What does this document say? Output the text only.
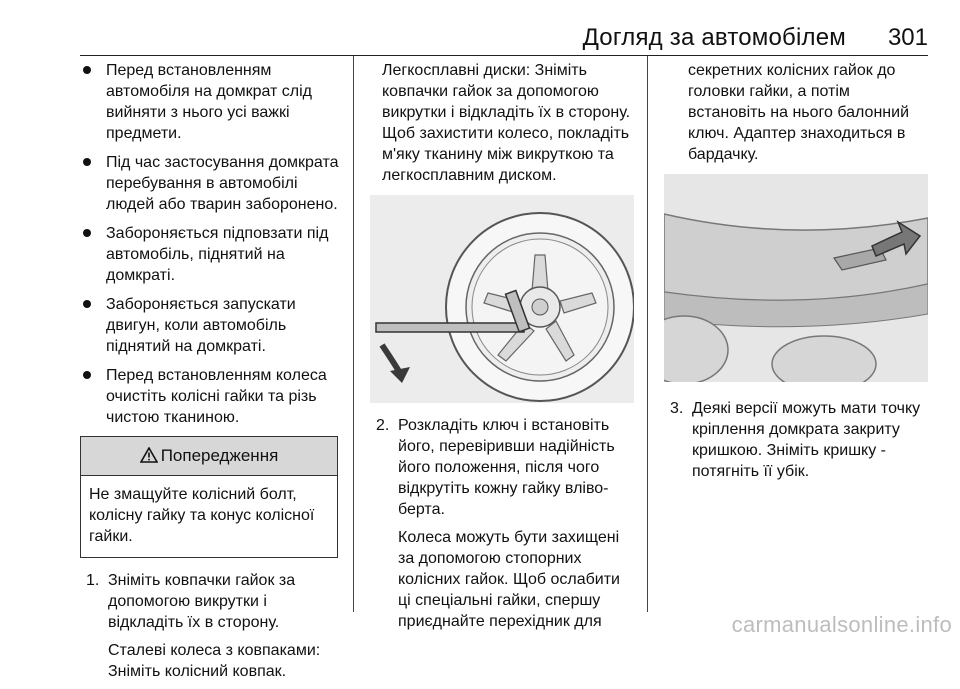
Догляд за автомобілем 301
Перед встановленням автомобіля на домкрат слід вийняти з нього усі важкі предмети.
Під час застосування домкрата перебування в автомобілі людей або тварин заборонено.
Забороняється підповзати під автомобіль, піднятий на домкраті.
Забороняється запускати двигун, коли автомобіль піднятий на домкраті.
Перед встановленням колеса очистіть колісні гайки та різь чистою тканиною.
Попередження
Не змащуйте колісний болт, колісну гайку та конус колісної гайки.
1. Зніміть ковпачки гайок за допомогою викрутки і відкладіть їх в сторону.

Сталеві колеса з ковпаками: Зніміть колісний ковпак.

Легкосплавні диски: Зніміть ковпачки гайок за допомогою викрутки і відкладіть їх в сторону. Щоб захистити колесо, покладіть м'яку тканину між викруткою та легкосплавним диском.

2. Розкладіть ключ і встановіть його, перевіривши надійність його положення, після чого відкрутіть кожну гайку влівоберта.

Колеса можуть бути захищені за допомогою стопорних колісних гайок. Щоб ослабити ці спеціальні гайки, спершу приєднайте перехідник для

секретних колісних гайок до головки гайки, а потім встановіть на нього балонний ключ. Адаптер знаходиться в бардачку.

3. Деякі версії можуть мати точку кріплення домкрата закриту кришкою. Зніміть кришку - потягніть її убік.

carmanualsonline.info
